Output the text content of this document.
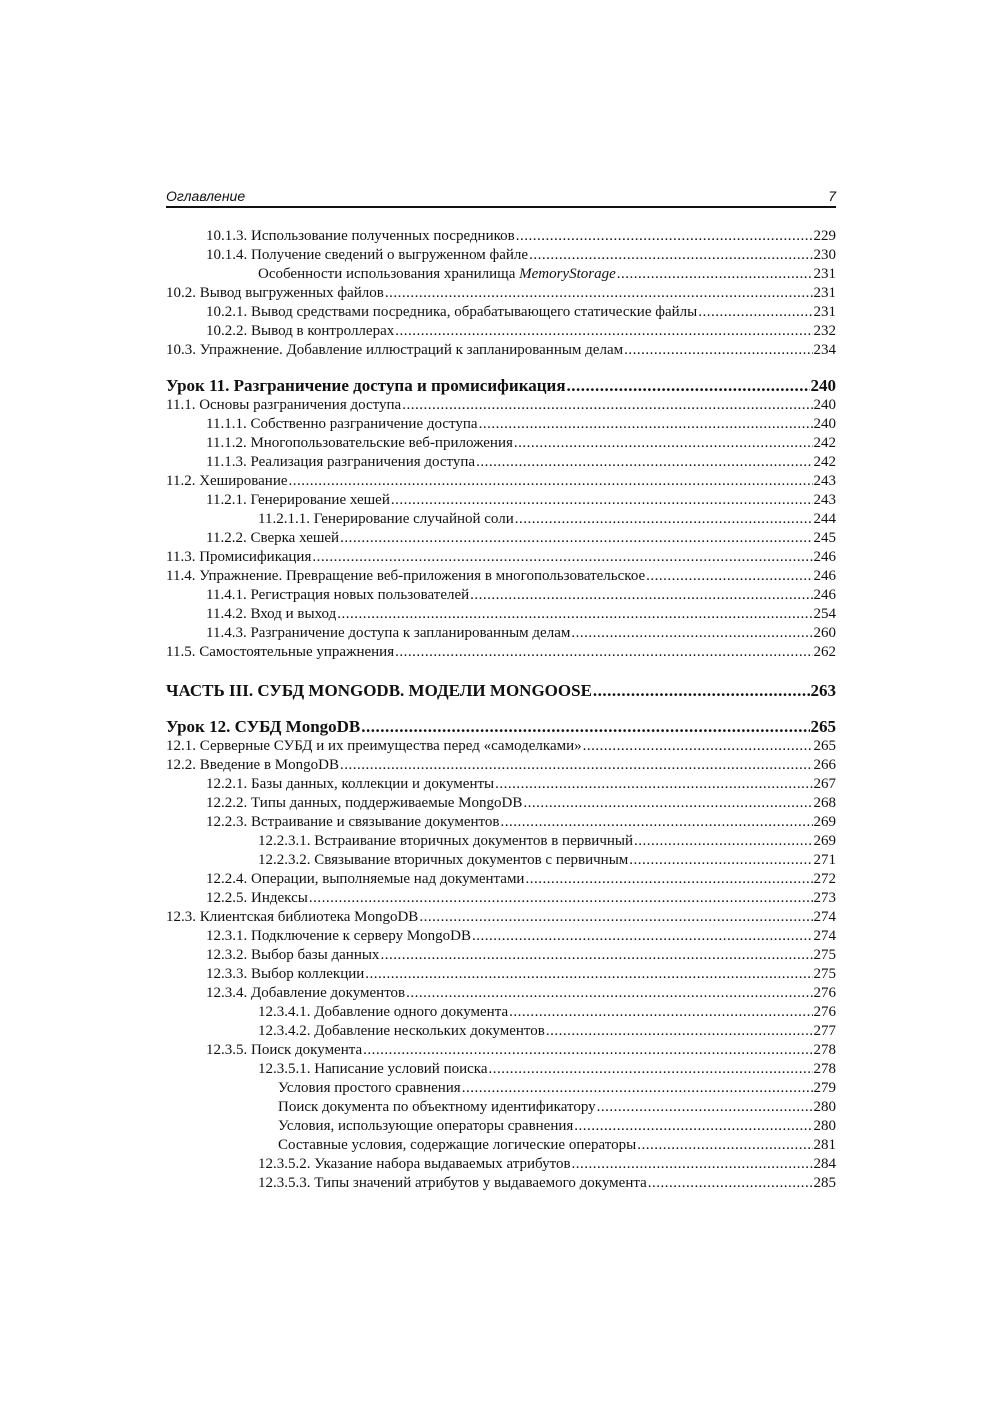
Оглавление	7
10.1.3. Использование полученных посредников .....	229
10.1.4. Получение сведений о выгруженном файле .....	230
Особенности использования хранилища MemoryStorage .....	231
10.2. Вывод выгруженных файлов .....	231
10.2.1. Вывод средствами посредника, обрабатывающего статические файлы .....	231
10.2.2. Вывод в контроллерах .....	232
10.3. Упражнение. Добавление иллюстраций к запланированным делам .....	234
Урок 11. Разграничение доступа и промисификация .....	240
11.1. Основы разграничения доступа .....	240
11.1.1. Собственно разграничение доступа .....	240
11.1.2. Многопользовательские веб-приложения .....	242
11.1.3. Реализация разграничения доступа .....	242
11.2. Хеширование .....	243
11.2.1. Генерирование хешей .....	243
11.2.1.1. Генерирование случайной соли .....	244
11.2.2. Сверка хешей .....	245
11.3. Промисификация .....	246
11.4. Упражнение. Превращение веб-приложения в многопользовательское .....	246
11.4.1. Регистрация новых пользователей .....	246
11.4.2. Вход и выход .....	254
11.4.3. Разграничение доступа к запланированным делам .....	260
11.5. Самостоятельные упражнения .....	262
ЧАСТЬ III. СУБД MONGODB. МОДЕЛИ MONGOOSE .....	263
Урок 12. СУБД MongoDB .....	265
12.1. Серверные СУБД и их преимущества перед «самоделками» .....	265
12.2. Введение в MongoDB .....	266
12.2.1. Базы данных, коллекции и документы .....	267
12.2.2. Типы данных, поддерживаемые MongoDB .....	268
12.2.3. Встраивание и связывание документов .....	269
12.2.3.1. Встраивание вторичных документов в первичный .....	269
12.2.3.2. Связывание вторичных документов с первичным .....	271
12.2.4. Операции, выполняемые над документами .....	272
12.2.5. Индексы .....	273
12.3. Клиентская библиотека MongoDB .....	274
12.3.1. Подключение к серверу MongoDB .....	274
12.3.2. Выбор базы данных .....	275
12.3.3. Выбор коллекции .....	275
12.3.4. Добавление документов .....	276
12.3.4.1. Добавление одного документа .....	276
12.3.4.2. Добавление нескольких документов .....	277
12.3.5. Поиск документа .....	278
12.3.5.1. Написание условий поиска .....	278
Условия простого сравнения .....	279
Поиск документа по объектному идентификатору .....	280
Условия, использующие операторы сравнения .....	280
Составные условия, содержащие логические операторы .....	281
12.3.5.2. Указание набора выдаваемых атрибутов .....	284
12.3.5.3. Типы значений атрибутов у выдаваемого документа .....	285
